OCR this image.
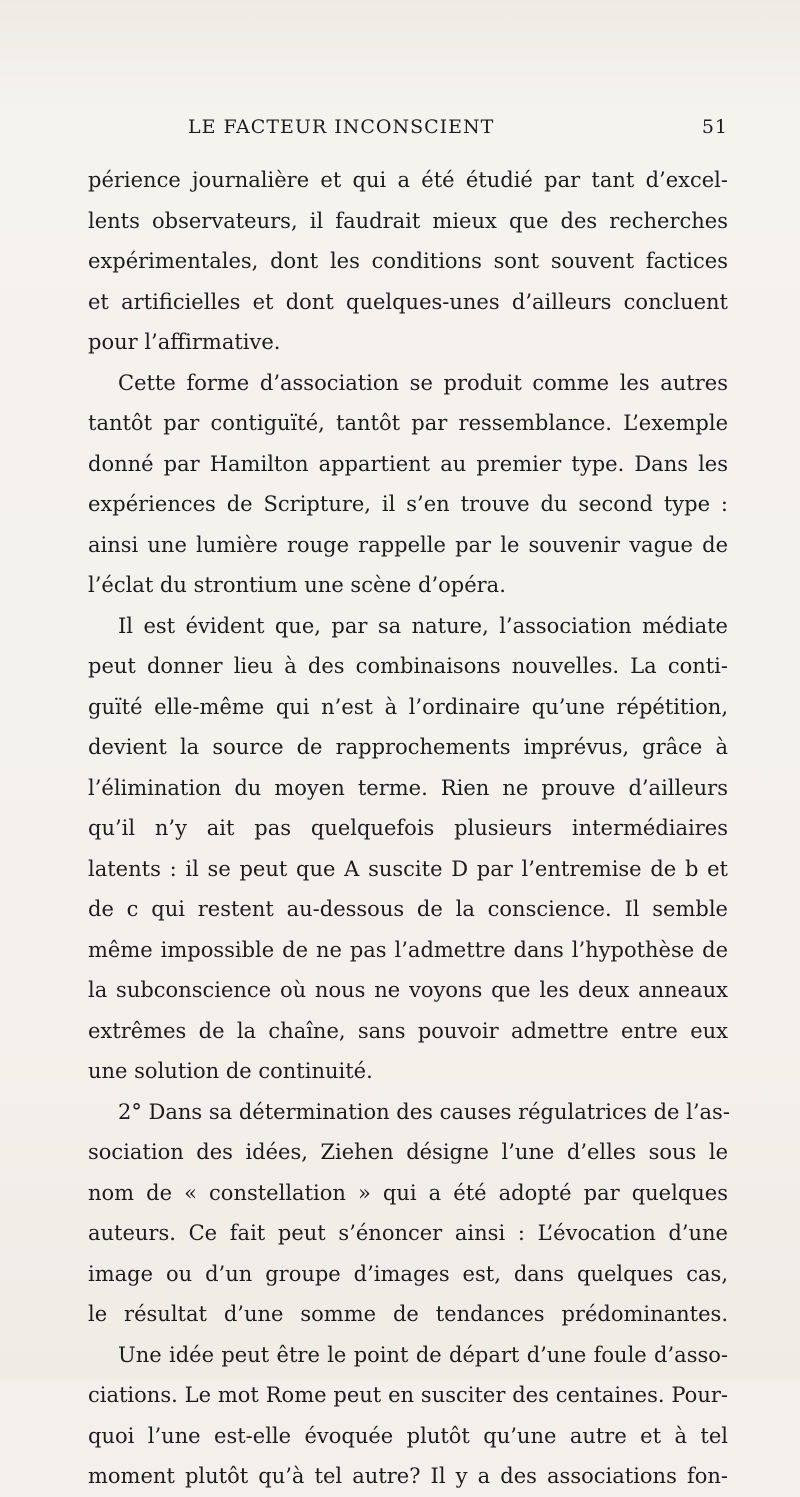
LE FACTEUR INCONSCIENT	51
périence journalière et qui a été étudié par tant d’excel-
lents observateurs, il faudrait mieux que des recherches
expérimentales, dont les conditions sont souvent factices
et artificielles et dont quelques-unes d’ailleurs concluent
pour l’affirmative.
Cette forme d’association se produit comme les autres
tantôt par contiguïté, tantôt par ressemblance. L’exemple
donné par Hamilton appartient au premier type. Dans les
expériences de Scripture, il s’en trouve du second type :
ainsi une lumière rouge rappelle par le souvenir vague de
l’éclat du strontium une scène d’opéra.
Il est évident que, par sa nature, l’association médiate
peut donner lieu à des combinaisons nouvelles. La conti-
guïté elle-même qui n’est à l’ordinaire qu’une répétition,
devient la source de rapprochements imprévus, grâce à
l’élimination du moyen terme. Rien ne prouve d’ailleurs
qu’il n’y ait pas quelquefois plusieurs intermédiaires
latents : il se peut que A suscite D par l’entremise de b et
de c qui restent au-dessous de la conscience. Il semble
même impossible de ne pas l’admettre dans l’hypothèse de
la subconscience où nous ne voyons que les deux anneaux
extrêmes de la chaîne, sans pouvoir admettre entre eux
une solution de continuité.
2° Dans sa détermination des causes régulatrices de l’as-
sociation des idées, Ziehen désigne l’une d’elles sous le
nom de « constellation » qui a été adopté par quelques
auteurs. Ce fait peut s’énoncer ainsi : L’évocation d’une
image ou d’un groupe d’images est, dans quelques cas,
le résultat d’une somme de tendances prédominantes.
Une idée peut être le point de départ d’une foule d’asso-
ciations. Le mot Rome peut en susciter des centaines. Pour-
quoi l’une est-elle évoquée plutôt qu’une autre et à tel
moment plutôt qu’à tel autre? Il y a des associations fon-
